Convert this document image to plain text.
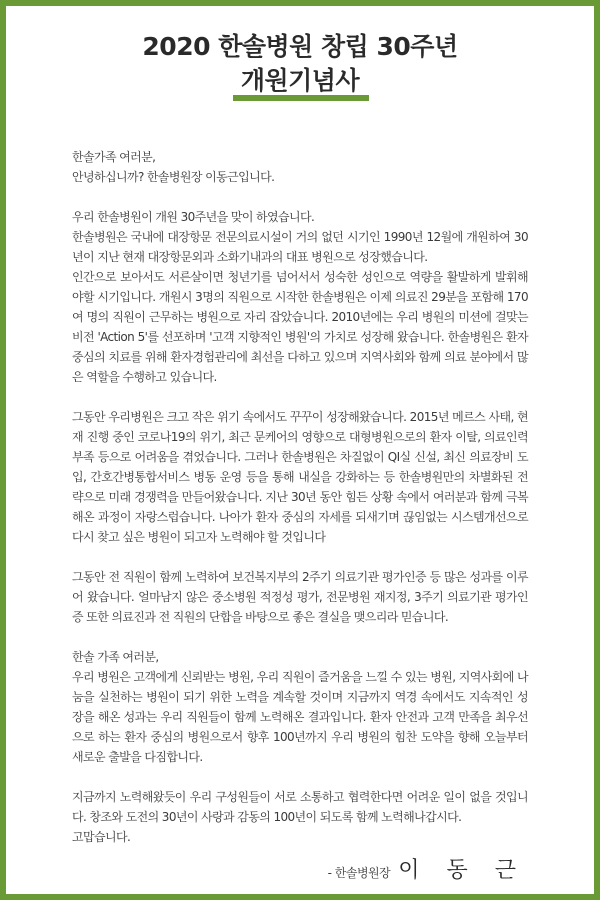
2020 한솔병원 창립 30주년
개원기념사
한솔가족 여러분,
안녕하십니까? 한솔병원장 이동근입니다.
우리 한솔병원이 개원 30주년을 맞이 하였습니다.
한솔병원은 국내에 대장항문 전문의료시설이 거의 없던 시기인 1990년 12월에 개원하여 30년이 지난 현재 대장항문외과 소화기내과의 대표 병원으로 성장했습니다.
인간으로 보아서도 서른살이면 청년기를 넘어서서 성숙한 성인으로 역량을 활발하게 발휘해야할 시기입니다. 개원시 3명의 직원으로 시작한 한솔병원은 이제 의료진 29분을 포함해 170여 명의 직원이 근무하는 병원으로 자리 잡았습니다. 2010년에는 우리 병원의 미션에 걸맞는 비전 'Action 5'를 선포하며 '고객 지향적인 병원'의 가치로 성장해 왔습니다. 한솔병원은 환자 중심의 치료를 위해 환자경험관리에 최선을 다하고 있으며 지역사회와 함께 의료 분야에서 많은 역할을 수행하고 있습니다.
그동안 우리병원은 크고 작은 위기 속에서도 꾸꾸이 성장해왔습니다. 2015년 메르스 사태, 현재 진행 중인 코로나19의 위기, 최근 문케어의 영향으로 대형병원으로의 환자 이탈, 의료인력 부족 등으로 어려움을 겪었습니다. 그러나 한솔병원은 차질없이 QI실 신설, 최신 의료장비 도입, 간호간병통합서비스 병동 운영 등을 통해 내실을 강화하는 등 한솔병원만의 차별화된 전략으로 미래 경쟁력을 만들어왔습니다. 지난 30년 동안 힘든 상황 속에서 여러분과 함께 극복해온 과정이 자랑스럽습니다. 나아가 환자 중심의 자세를 되새기며 끊임없는 시스템개선으로 다시 찾고 싶은 병원이 되고자 노력해야 할 것입니다
그동안 전 직원이 함께 노력하여 보건복지부의 2주기 의료기관 평가인증 등 많은 성과를 이루어 왔습니다. 얼마남지 않은 중소병원 적정성 평가, 전문병원 재지정, 3주기 의료기관 평가인증 또한 의료진과 전 직원의 단합을 바탕으로 좋은 결실을 맺으리라 믿습니다.
한솔 가족 여러분,
우리 병원은 고객에게 신뢰받는 병원, 우리 직원이 즐거움을 느낄 수 있는 병원, 지역사회에 나눔을 실천하는 병원이 되기 위한 노력을 계속할 것이며 지금까지 역경 속에서도 지속적인 성장을 해온 성과는 우리 직원들이 함께 노력해온 결과입니다. 환자 안전과 고객 만족을 최우선으로 하는 환자 중심의 병원으로서 향후 100년까지 우리 병원의 힘찬 도약을 향해 오늘부터 새로운 출발을 다짐합니다.
지금까지 노력해왔듯이 우리 구성원들이 서로 소통하고 협력한다면 어려운 일이 없을 것입니다. 창조와 도전의 30년이 사랑과 감동의 100년이 되도록 함께 노력해나갑시다.
고맙습니다.
- 한솔병원장 이 동 근
